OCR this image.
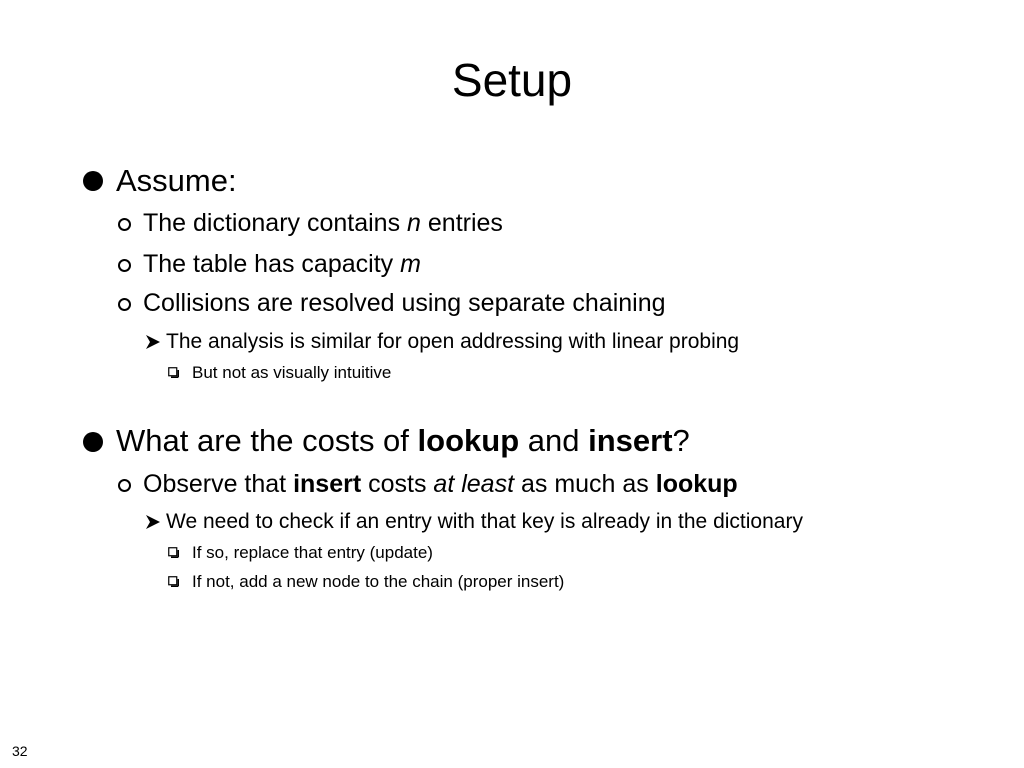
Setup
Assume:
The dictionary contains n entries
The table has capacity m
Collisions are resolved using separate chaining
The analysis is similar for open addressing with linear probing
But not as visually intuitive
What are the costs of lookup and insert?
Observe that insert costs at least as much as lookup
We need to check if an entry with that key is already in the dictionary
If so, replace that entry (update)
If not, add a new node to the chain (proper insert)
32
